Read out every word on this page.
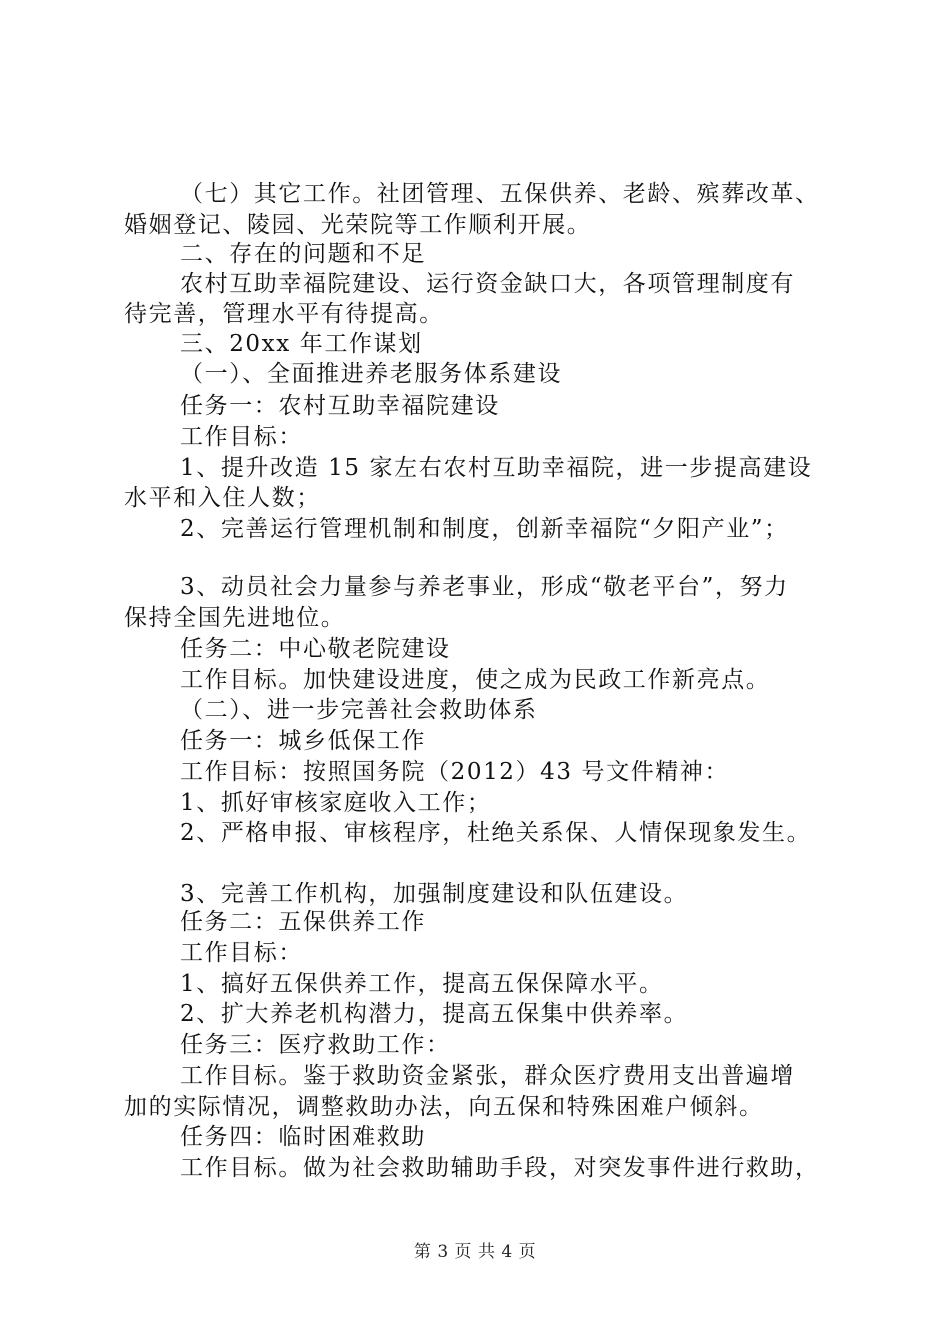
（七）其它工作。社团管理、五保供养、老龄、殡葬改革、
婚姻登记、陵园、光荣院等工作顺利开展。
二、存在的问题和不足
农村互助幸福院建设、运行资金缺口大，各项管理制度有
待完善，管理水平有待提高。
三、20xx 年工作谋划
（一）、全面推进养老服务体系建设
任务一：农村互助幸福院建设
工作目标：
1、提升改造 15 家左右农村互助幸福院，进一步提高建设
水平和入住人数；
2、完善运行管理机制和制度，创新幸福院“夕阳产业”；
3、动员社会力量参与养老事业，形成“敬老平台”，努力
保持全国先进地位。
任务二：中心敬老院建设
工作目标。加快建设进度，使之成为民政工作新亮点。
（二）、进一步完善社会救助体系
任务一：城乡低保工作
工作目标：按照国务院（2012）43 号文件精神：
1、抓好审核家庭收入工作；
2、严格申报、审核程序，杜绝关系保、人情保现象发生。
3、完善工作机构，加强制度建设和队伍建设。
任务二：五保供养工作
工作目标：
1、搞好五保供养工作，提高五保保障水平。
2、扩大养老机构潜力，提高五保集中供养率。
任务三：医疗救助工作：
工作目标。鉴于救助资金紧张，群众医疗费用支出普遍增
加的实际情况，调整救助办法，向五保和特殊困难户倾斜。
任务四：临时困难救助
工作目标。做为社会救助辅助手段，对突发事件进行救助，
第 3 页 共 4 页
